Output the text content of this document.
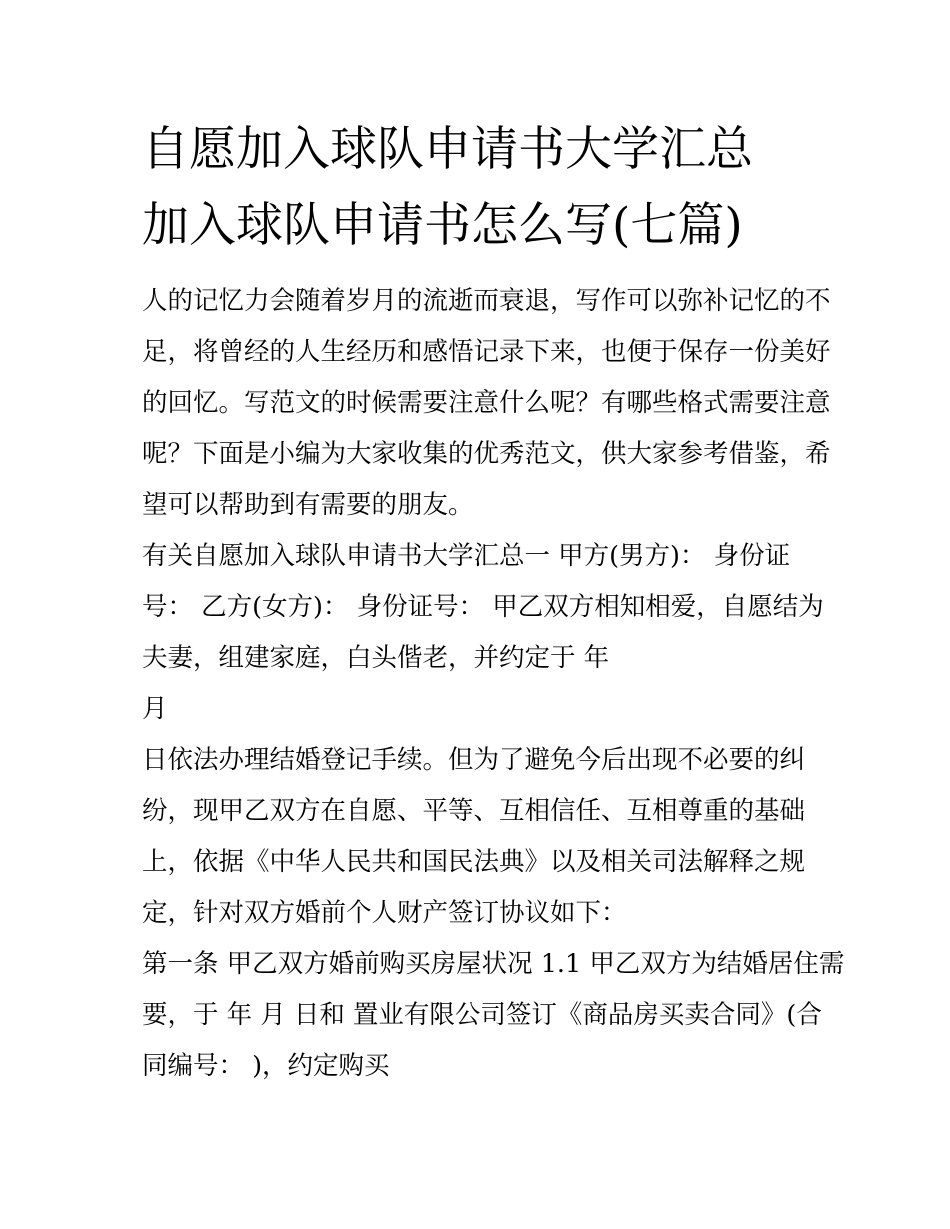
自愿加入球队申请书大学汇总
加入球队申请书怎么写(七篇)
人的记忆力会随着岁月的流逝而衰退，写作可以弥补记忆的不
足，将曾经的人生经历和感悟记录下来，也便于保存一份美好
的回忆。写范文的时候需要注意什么呢？有哪些格式需要注意
呢？下面是小编为大家收集的优秀范文，供大家参考借鉴，希
望可以帮助到有需要的朋友。
有关自愿加入球队申请书大学汇总一 甲方(男方)： 身份证
号： 乙方(女方)： 身份证号： 甲乙双方相知相爱，自愿结为
夫妻，组建家庭，白头偕老，并约定于 年
月
日依法办理结婚登记手续。但为了避免今后出现不必要的纠
纷，现甲乙双方在自愿、平等、互相信任、互相尊重的基础
上，依据《中华人民共和国民法典》以及相关司法解释之规
定，针对双方婚前个人财产签订协议如下：
第一条 甲乙双方婚前购买房屋状况 1.1 甲乙双方为结婚居住需
要，于 年 月 日和 置业有限公司签订《商品房买卖合同》(合
同编号： )，约定购买
